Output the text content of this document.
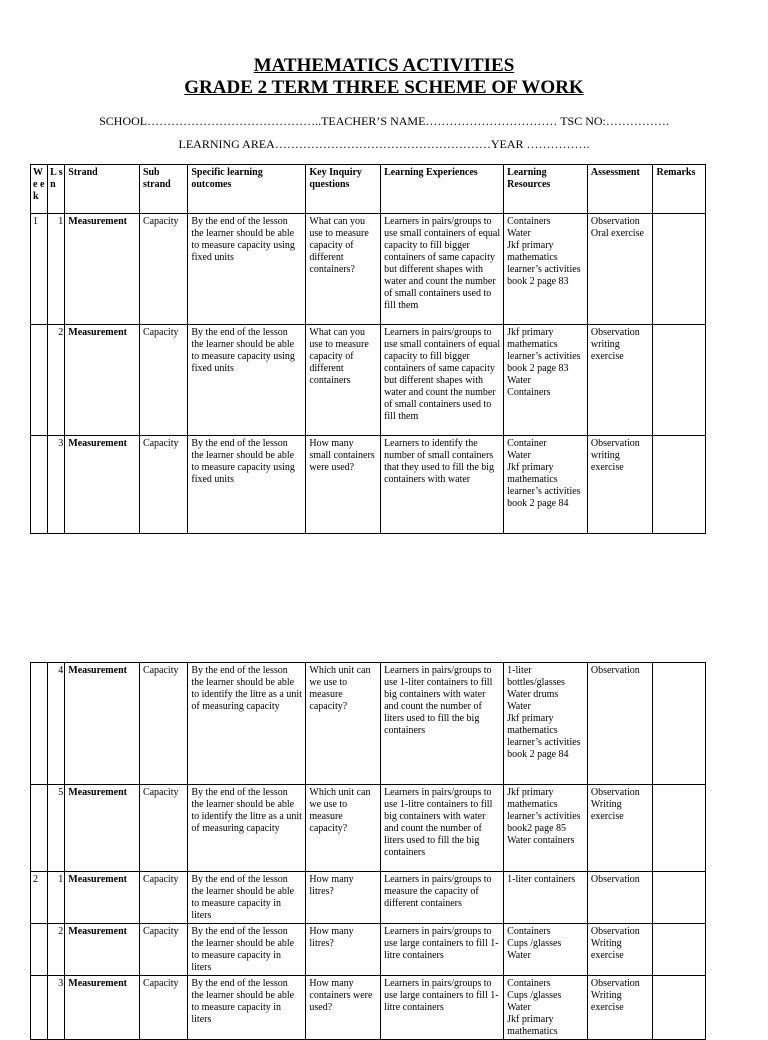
MATHEMATICS ACTIVITIES
GRADE 2 TERM THREE SCHEME OF WORK
SCHOOL……………………………………..TEACHER’S NAME…………………………… TSC NO:…………….
LEARNING AREA………………………………………………YEAR …………….
W e e k	L s n	Strand	Sub strand	Specific learning outcomes	Key Inquiry questions	Learning Experiences	Learning Resources	Assessment	Remarks
1	1	Measurement	Capacity	By the end of the lesson the learner should be able to measure capacity using fixed units	What can you use to measure capacity of different containers?	Learners in pairs/groups to use small containers of equal capacity to fill bigger containers of same capacity but different shapes with water and count the number of small containers used to fill them	Containers
Water
Jkf primary mathematics learner’s activities book 2 page 83	Observation
Oral exercise	
	2	Measurement	Capacity	By the end of the lesson the learner should be able to measure capacity using fixed units	What can you use to measure capacity of different containers	Learners in pairs/groups to use small containers of equal capacity to fill bigger containers of same capacity but different shapes with water and count the number of small containers used to fill them	Jkf primary mathematics learner’s activities book 2 page 83
Water
Containers	Observation writing exercise	
	3	Measurement	Capacity	By the end of the lesson the learner should be able to measure capacity using fixed units	How many small containers were used?	Learners to identify the number of small containers that they used to fill the big containers with water	Container
Water
Jkf primary mathematics learner’s activities book 2 page 84	Observation writing exercise	
	4	Measurement	Capacity	By the end of the lesson the learner should be able to identify the litre as a unit of measuring capacity	Which unit can we use to measure capacity?	Learners in pairs/groups to use 1-liter containers to fill big containers with water and count the number of liters used to fill the big containers	1-liter bottles/glasses
Water drums
Water
Jkf primary mathematics learner’s activities book 2 page 84	Observation	
	5	Measurement	Capacity	By the end of the lesson the learner should be able to identify the litre as a unit of measuring capacity	Which unit can we use to measure capacity?	Learners in pairs/groups to use 1-litre containers to fill big containers with water and count the number of liters used to fill the big containers	Jkf primary mathematics learner’s activities book2 page 85
Water containers	Observation
Writing exercise	
2	1	Measurement	Capacity	By the end of the lesson the learner should be able to measure capacity in liters	How many litres?	Learners in pairs/groups to measure the capacity of different containers	1-liter containers	Observation	
	2	Measurement	Capacity	By the end of the lesson the learner should be able to measure capacity in liters	How many litres?	Learners in pairs/groups to use large containers to fill 1-litre containers	Containers
Cups /glasses
Water	Observation
Writing exercise	
	3	Measurement	Capacity	By the end of the lesson the learner should be able to measure capacity in liters	How many containers were used?	Learners in pairs/groups to use large containers to fill 1-litre containers	Containers
Cups /glasses
Water
Jkf primary mathematics	Observation
Writing exercise	
